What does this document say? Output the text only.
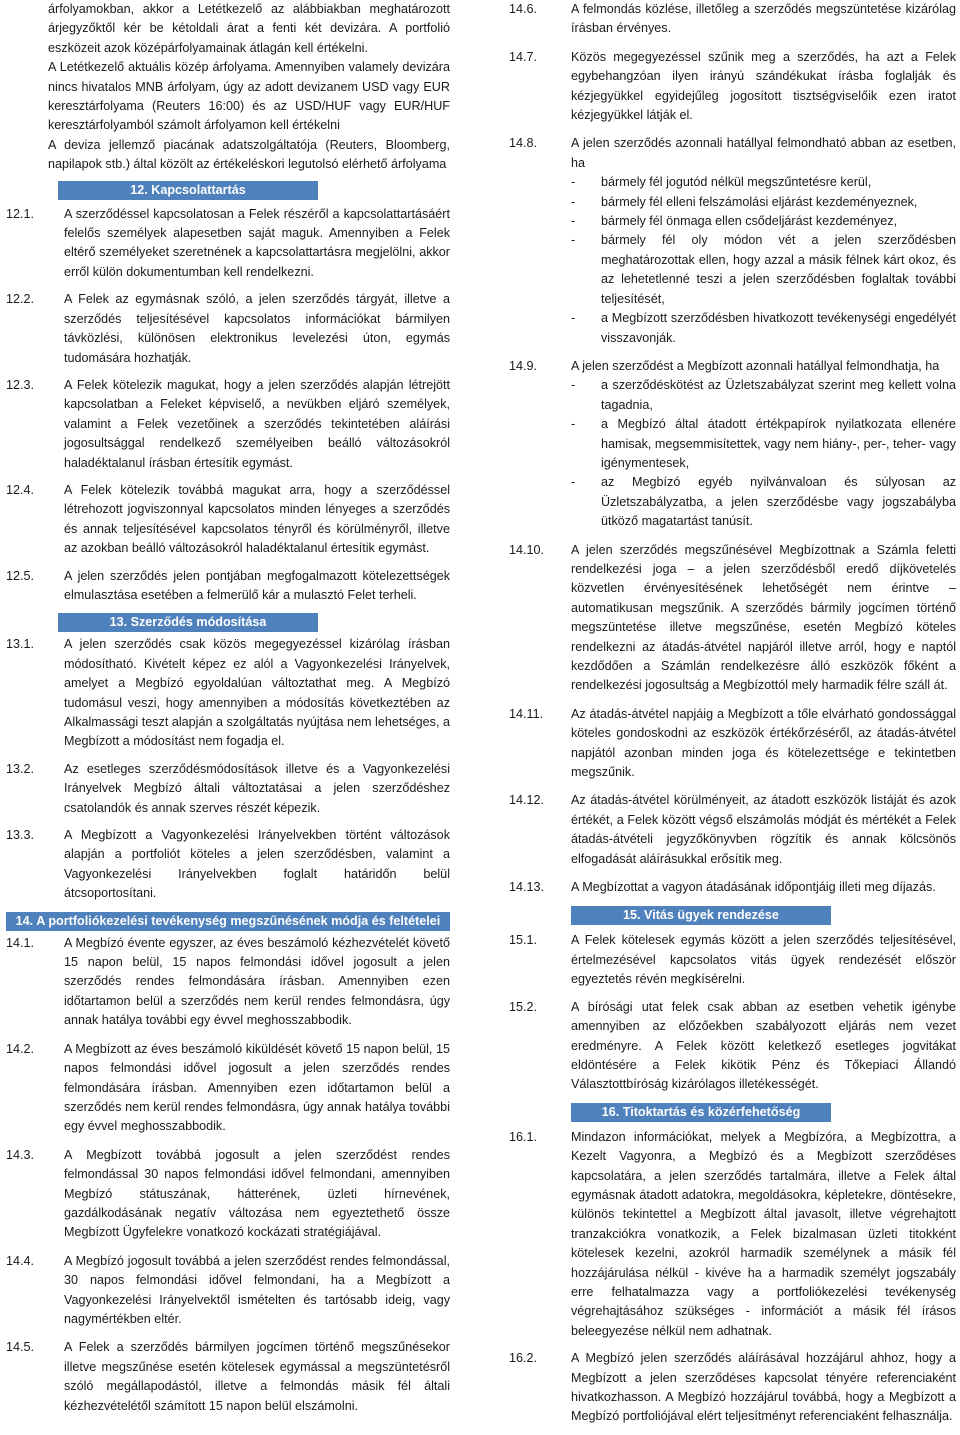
árfolyamokban, akkor a Letétkezelő az alábbiakban meghatározott árjegyzőktől kér be kétoldali árat a fenti két devizára. A portfolió eszközeit azok középárfolyamainak átlagán kell értékelni.

A Letétkezelő aktuális közép árfolyama. Amennyiben valamely devizára nincs hivatalos MNB árfolyam, úgy az adott devizanem USD vagy EUR keresztárfolyama (Reuters 16:00) és az USD/HUF vagy EUR/HUF keresztárfolyamból számolt árfolyamon kell értékelni

A deviza jellemző piacának adatszolgáltatója (Reuters, Bloomberg, napilapok stb.) által közölt az értékeléskori legutolsó elérhető árfolyama

12. Kapcsolattartás
12.1.	A szerződéssel kapcsolatosan a Felek részéről a kapcsolattartásáért felelős személyek alapesetben saját maguk. Amennyiben a Felek eltérő személyeket szeretnének a kapcsolattartásra megjelölni, akkor erről külön dokumentumban kell rendelkezni.

12.2.	A Felek az egymásnak szóló, a jelen szerződés tárgyát, illetve a szerződés teljesítésével kapcsolatos információkat bármilyen távközlési, különösen elektronikus levelezési úton, egymás tudomására hozhatják.

12.3.	A Felek kötelezik magukat, hogy a jelen szerződés alapján létrejött kapcsolatban a Feleket képviselő, a nevükben eljáró személyek, valamint a Felek vezetőinek a szerződés tekintetében aláírási jogosultsággal rendelkező személyeiben beálló változásokról haladéktalanul írásban értesítik egymást.

12.4.	A Felek kötelezik továbbá magukat arra, hogy a szerződéssel létrehozott jogviszonnyal kapcsolatos minden lényeges a szerződés és annak teljesítésével kapcsolatos tényről és körülményről, illetve az azokban beálló változásokról haladéktalanul értesítik egymást.

12.5.	A jelen szerződés jelen pontjában megfogalmazott kötelezettségek elmulasztása esetében a felmerülő kár a mulasztó Felet terheli.

13. Szerződés módosítása
13.1.	A jelen szerződés csak közös megegyezéssel kizárólag írásban módosítható. Kivételt képez ez alól a Vagyonkezelési Irányelvek, amelyet a Megbízó egyoldalúan változtathat meg. A Megbízó tudomásul veszi, hogy amennyiben a módosítás következtében az Alkalmassági teszt alapján a szolgáltatás nyújtása nem lehetséges, a Megbízott a módosítást nem fogadja el.

13.2.	Az esetleges szerződésmódosítások illetve és a Vagyonkezelési Irányelvek Megbízó általi változtatásai a jelen szerződéshez csatolandók és annak szerves részét képezik.

13.3.	A Megbízott a Vagyonkezelési Irányelvekben történt változások alapján a portfoliót köteles a jelen szerződésben, valamint a Vagyonkezelési Irányelvekben foglalt határidőn belül átcsoportosítani.

14. A portfoliókezelési tevékenység megszűnésének módja és feltételei
14.1.	A Megbízó évente egyszer, az éves beszámoló kézhezvételét követő 15 napon belül, 15 napos felmondási idővel jogosult a jelen szerződés rendes felmondására írásban. Amennyiben ezen időtartamon belül a szerződés nem kerül rendes felmondásra, úgy annak hatálya további egy évvel meghosszabbodik.

14.2.	A Megbízott az éves beszámoló kiküldését követő 15 napon belül, 15 napos felmondási idővel jogosult a jelen szerződés rendes felmondására írásban. Amennyiben ezen időtartamon belül a szerződés nem kerül rendes felmondásra, úgy annak hatálya további egy évvel meghosszabbodik.

14.3.	A Megbízott továbbá jogosult a jelen szerződést rendes felmondással 30 napos felmondási idővel felmondani, amennyiben Megbízó státuszának, hátterének, üzleti hírnevének, gazdálkodásának negatív változása nem egyeztethető össze Megbízott Ügyfelekre vonatkozó kockázati stratégiájával.

14.4.	A Megbízó jogosult továbbá a jelen szerződést rendes felmondással, 30 napos felmondási idővel felmondani, ha a Megbízott a Vagyonkezelési Irányelvektől ismételten és tartósabb ideig, vagy nagymértékben eltér.

14.5.	A Felek a szerződés bármilyen jogcímen történő megszűnésekor illetve megszűnése esetén kötelesek egymással a megszüntetésről szóló megállapodástól, illetve a felmondás másik fél általi kézhezvételétől számított 15 napon belül elszámolni.

14.6.	A felmondás közlése, illetőleg a szerződés megszüntetése kizárólag írásban érvényes.

14.7.	Közös megegyezéssel szűnik meg a szerződés, ha azt a Felek egybehangzóan ilyen irányú szándékukat írásba foglalják és kézjegyükkel egyidejűleg jogosított tisztségviselőik ezen iratot kézjegyükkel látják el.

14.8.	A jelen szerződés azonnali hatállyal felmondható abban az esetben, ha

-	bármely fél jogutód nélkül megszűntetésre kerül,
-	bármely fél elleni felszámolási eljárást kezdeményeznek,
-	bármely fél önmaga ellen csődeljárást kezdeményez,
-	bármely fél oly módon vét a jelen szerződésben meghatározottak ellen, hogy azzal a másik félnek kárt okoz, és az lehetetlenné teszi a jelen szerződésben foglaltak további teljesítését,
-	a Megbízott szerződésben hivatkozott tevékenységi engedélyét visszavonják.
14.9.	A jelen szerződést a Megbízott azonnali hatállyal felmondhatja, ha

-	a szerződéskötést az Üzletszabályzat szerint meg kellett volna tagadnia,
-	a Megbízó által átadott értékpapírok nyilatkozata ellenére hamisak, megsemmisítettek, vagy nem hiány-, per-, teher- vagy igénymentesek,
-	az Megbízó egyéb nyilvánvaloan és súlyosan az Üzletszabályzatba, a jelen szerződésbe vagy jogszabályba ütköző magatartást tanúsít.
14.10.	A jelen szerződés megszűnésével Megbízottnak a Számla feletti rendelkezési joga – a jelen szerződésből eredő díjkövetelés közvetlen érvényesítésének lehetőségét nem érintve – automatikusan megszűnik. A szerződés bármily jogcímen történő megszüntetése illetve megszűnése, esetén Megbízó köteles rendelkezni az átadás-átvétel napjáról illetve arról, hogy e naptól kezdődően a Számlán rendelkezésre álló eszközök főként a rendelkezési jogosultság a Megbízottól mely harmadik félre száll át.

14.11.	Az átadás-átvétel napjáig a Megbízott a tőle elvárható gondossággal köteles gondoskodni az eszközök értékőrzéséről, az átadás-átvétel napjától azonban minden joga és kötelezettsége e tekintetben megszűnik.

14.12.	Az átadás-átvétel körülményeit, az átadott eszközök listáját és azok értékét, a Felek között végső elszámolás módját és mértékét a Felek átadás-átvételi jegyzőkönyvben rögzítik és annak kölcsönös elfogadását aláírásukkal erősítik meg.

14.13.	A Megbízottat a vagyon átadásának időpontjáig illeti meg díjazás.

15. Vitás ügyek rendezése
15.1.	A Felek kötelesek egymás között a jelen szerződés teljesítésével, értelmezésével kapcsolatos vitás ügyek rendezését először egyeztetés révén megkísérelni.

15.2.	A bírósági utat felek csak abban az esetben vehetik igénybe amennyiben az előzőekben szabályozott eljárás nem vezet eredményre. A Felek között keletkező esetleges jogvitákat eldöntésére a Felek kikötik Pénz és Tőkepiaci Állandó Választottbíróság kizárólagos illetékességét.

16. Titoktartás és közérfehetőség
16.1.	Mindazon információkat, melyek a Megbízóra, a Megbízottra, a Kezelt Vagyonra, a Megbízó és a Megbízott szerződéses kapcsolatára, a jelen szerződés tartalmára, illetve a Felek által egymásnak átadott adatokra, megoldásokra, képletekre, döntésekre, különös tekintettel a Megbízott által javasolt, illetve végrehajtott tranzakciókra vonatkozik, a Felek bizalmasan üzleti titokként kötelesek kezelni, azokról harmadik személynek a másik fél hozzájárulása nélkül - kivéve ha a harmadik személyt jogszabály erre felhatalmazza vagy a portfoliókezelési tevékenység végrehajtásához szükséges - információt a másik fél írásos beleegyezése nélkül nem adhatnak.

16.2.	A Megbízó jelen szerződés aláírásával hozzájárul ahhoz, hogy a Megbízott a jelen szerződéses kapcsolat tényére referenciaként hivatkozhasson. A Megbízó hozzájárul továbbá, hogy a Megbízott a Megbízó portfoliójával elért teljesítményt referenciaként felhasználja.
